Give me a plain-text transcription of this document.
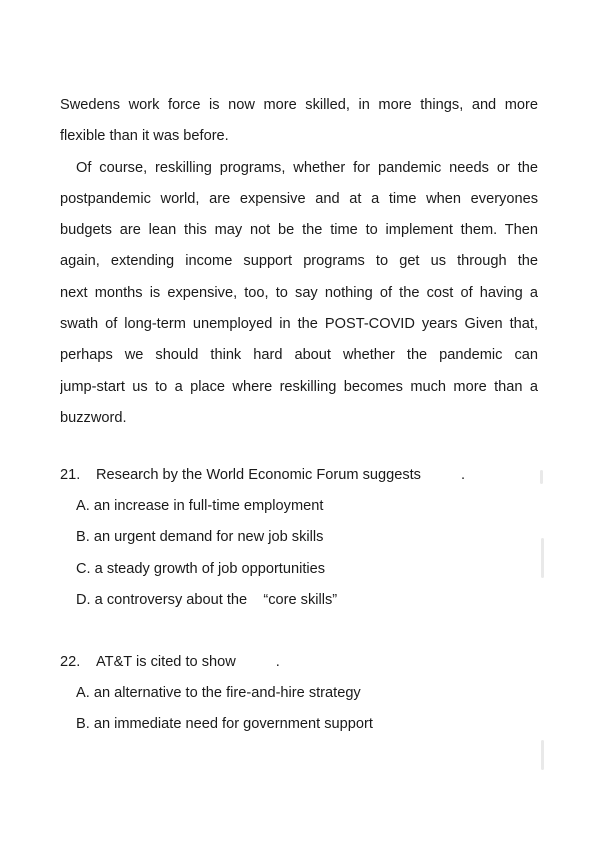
Swedens work force is now more skilled, in more things, and more
flexible than it was before.
Of course, reskilling programs, whether for pandemic needs or the
postpandemic world, are expensive and at a time when everyones
budgets are lean this may not be the time to implement them. Then
again, extending income support programs to get us through the
next months is expensive, too, to say nothing of the cost of having a
swath of long-term unemployed in the POST-COVID years Given that,
perhaps we should think hard about whether the pandemic can
jump-start us to a place where reskilling becomes much more than a
buzzword.
21. Research by the World Economic Forum suggests	.
A. an increase in full-time employment
B. an urgent demand for new job skills
C. a steady growth of job opportunities
D. a controversy about the    “core skills”
22. AT&T is cited to show	.
A. an alternative to the fire-and-hire strategy
B. an immediate need for government support
